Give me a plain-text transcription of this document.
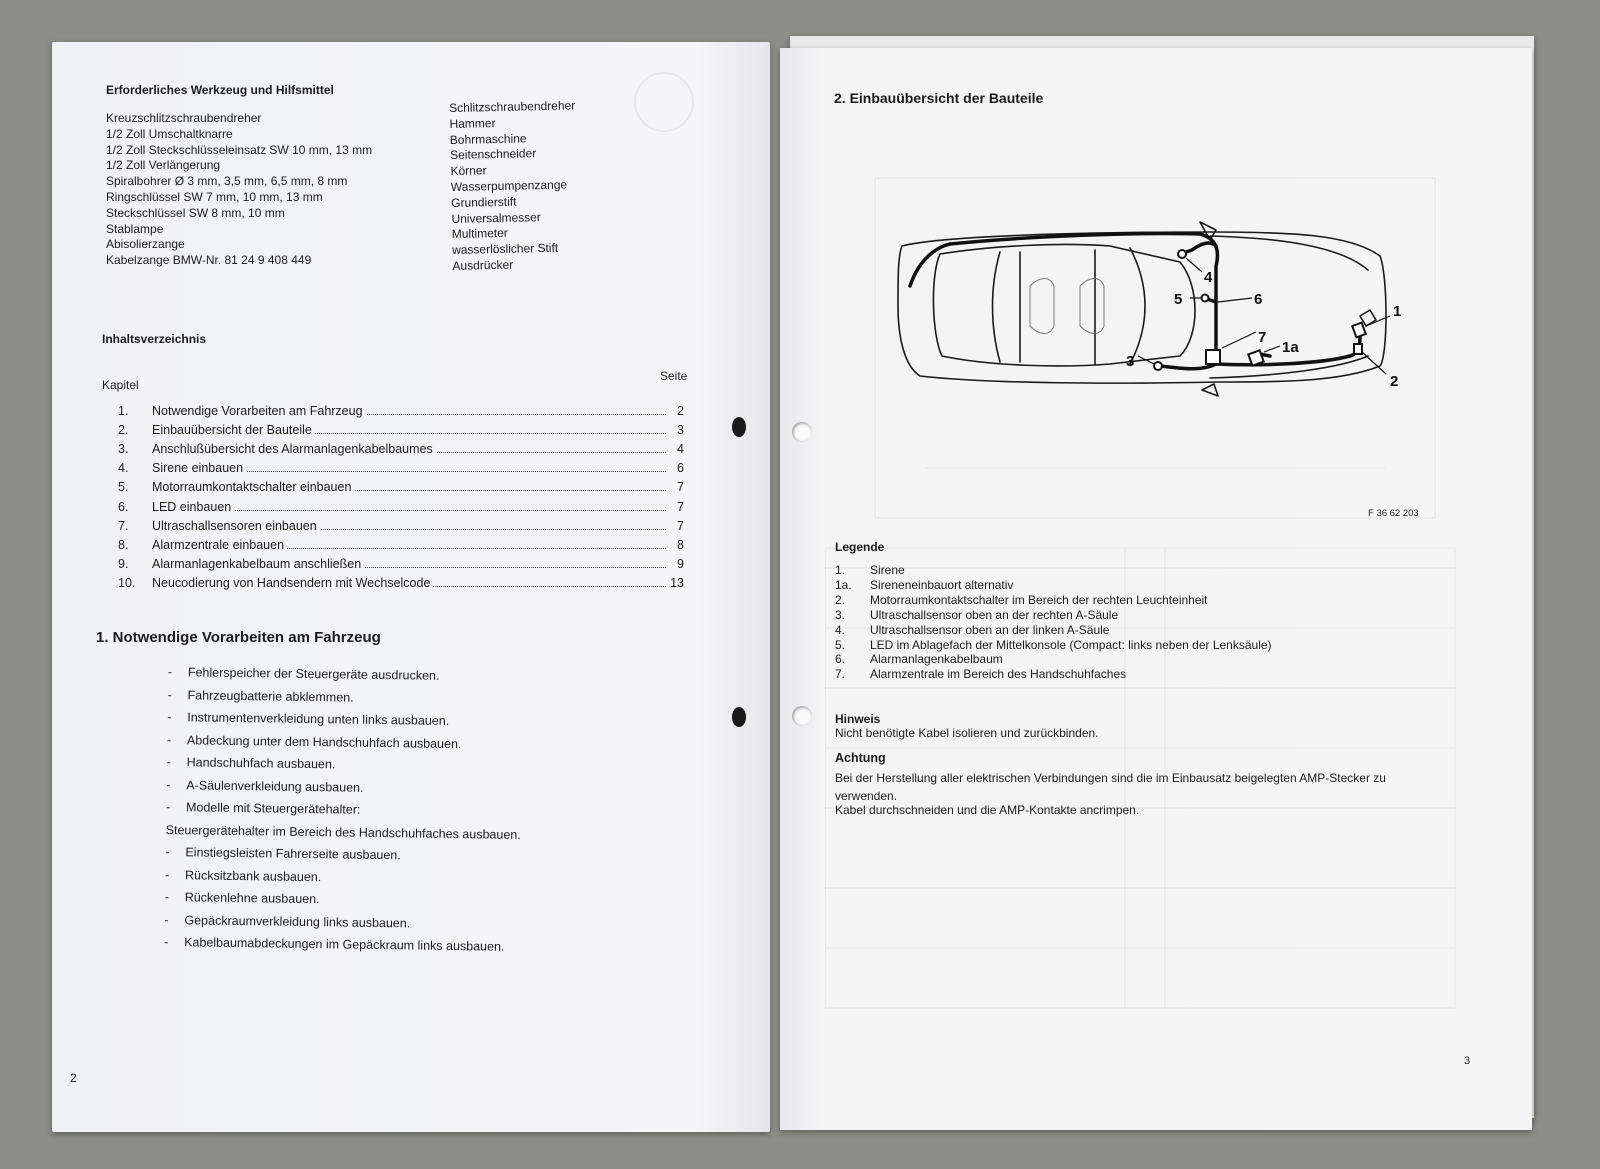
Erforderliches Werkzeug und Hilfsmittel
Kreuzschlitzschraubendreher
1/2 Zoll Umschaltknarre
1/2 Zoll Steckschlüsseleinsatz SW 10 mm, 13 mm
1/2 Zoll Verlängerung
Spiralbohrer Ø 3 mm, 3,5 mm, 6,5 mm, 8 mm
Ringschlüssel SW 7 mm, 10 mm, 13 mm
Steckschlüssel SW 8 mm, 10 mm
Stablampe
Abisolierzange
Kabelzange BMW-Nr. 81 24 9 408 449
Schlitzschraubendreher
Hammer
Bohrmaschine
Seitenschneider
Körner
Wasserpumpenzange
Grundierstift
Universalmesser
Multimeter
wasserlöslicher Stift
Ausdrücker
Inhaltsverzeichnis
Kapitel
Seite
1.	Notwendige Vorarbeiten am Fahrzeug	2
2.	Einbauübersicht der Bauteile	3
3.	Anschlußübersicht des Alarmanlagenkabelbaumes	4
4.	Sirene einbauen	6
5.	Motorraumkontaktschalter einbauen	7
6.	LED einbauen	7
7.	Ultraschallsensoren einbauen	7
8.	Alarmzentrale einbauen	8
9.	Alarmanlagenkabelbaum anschließen	9
10.	Neucodierung von Handsendern mit Wechselcode	13
1. Notwendige Vorarbeiten am Fahrzeug
- Fehlerspeicher der Steuergeräte ausdrucken.
- Fahrzeugbatterie abklemmen.
- Instrumentenverkleidung unten links ausbauen.
- Abdeckung unter dem Handschuhfach ausbauen.
- Handschuhfach ausbauen.
- A-Säulenverkleidung ausbauen.
- Modelle mit Steuergerätehalter:
Steuergerätehalter im Bereich des Handschuhfaches ausbauen.
- Einstiegsleisten Fahrerseite ausbauen.
- Rücksitzbank ausbauen.
- Rückenlehne ausbauen.
- Gepäckraumverkleidung links ausbauen.
- Kabelbaumabdeckungen im Gepäckraum links ausbauen.
2
2. Einbauübersicht der Bauteile
4
6
5
3
7
1a
1
2
F 36 62 203
Legende
1.	Sirene
1a.	Sireneneinbauort alternativ
2.	Motorraumkontaktschalter im Bereich der rechten Leuchteinheit
3.	Ultraschallsensor oben an der rechten A-Säule
4.	Ultraschallsensor oben an der linken A-Säule
5.	LED im Ablagefach der Mittelkonsole (Compact: links neben der Lenksäule)
6.	Alarmanlagenkabelbaum
7.	Alarmzentrale im Bereich des Handschuhfaches
Hinweis
Nicht benötigte Kabel isolieren und zurückbinden.
Achtung
Bei der Herstellung aller elektrischen Verbindungen sind die im Einbausatz beigelegten AMP-Stecker zu
verwenden.
Kabel durchschneiden und die AMP-Kontakte ancrimpen.
3
